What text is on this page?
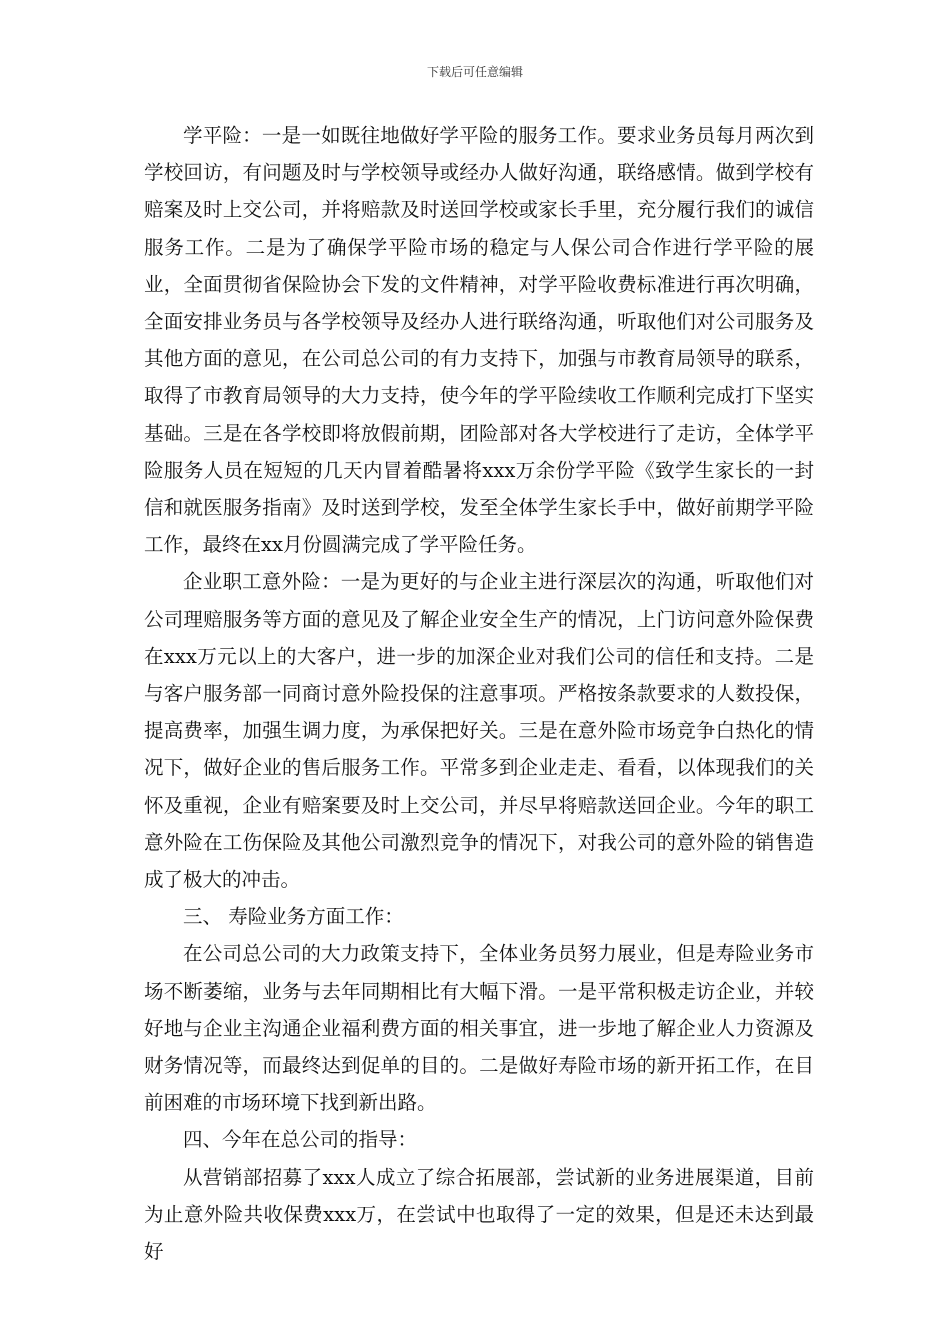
下载后可任意编辑

学平险：一是一如既往地做好学平险的服务工作。要求业务员每月两次到学校回访，有问题及时与学校领导或经办人做好沟通，联络感情。做到学校有赔案及时上交公司，并将赔款及时送回学校或家长手里，充分履行我们的诚信服务工作。二是为了确保学平险市场的稳定与人保公司合作进行学平险的展业，全面贯彻省保险协会下发的文件精神，对学平险收费标准进行再次明确，全面安排业务员与各学校领导及经办人进行联络沟通，听取他们对公司服务及其他方面的意见，在公司总公司的有力支持下，加强与市教育局领导的联系，取得了市教育局领导的大力支持，使今年的学平险续收工作顺利完成打下坚实基础。三是在各学校即将放假前期，团险部对各大学校进行了走访，全体学平险服务人员在短短的几天内冒着酷暑将xxx万余份学平险《致学生家长的一封信和就医服务指南》及时送到学校，发至全体学生家长手中，做好前期学平险工作，最终在xx月份圆满完成了学平险任务。

企业职工意外险：一是为更好的与企业主进行深层次的沟通，听取他们对公司理赔服务等方面的意见及了解企业安全生产的情况，上门访问意外险保费在xxx万元以上的大客户，进一步的加深企业对我们公司的信任和支持。二是与客户服务部一同商讨意外险投保的注意事项。严格按条款要求的人数投保，提高费率，加强生调力度，为承保把好关。三是在意外险市场竞争白热化的情况下，做好企业的售后服务工作。平常多到企业走走、看看，以体现我们的关怀及重视，企业有赔案要及时上交公司，并尽早将赔款送回企业。今年的职工意外险在工伤保险及其他公司激烈竞争的情况下，对我公司的意外险的销售造成了极大的冲击。

三、 寿险业务方面工作：

在公司总公司的大力政策支持下，全体业务员努力展业，但是寿险业务市场不断萎缩，业务与去年同期相比有大幅下滑。一是平常积极走访企业，并较好地与企业主沟通企业福利费方面的相关事宜，进一步地了解企业人力资源及财务情况等，而最终达到促单的目的。二是做好寿险市场的新开拓工作，在目前困难的市场环境下找到新出路。

四、今年在总公司的指导：

从营销部招募了xxx人成立了综合拓展部，尝试新的业务进展渠道，目前为止意外险共收保费xxx万，在尝试中也取得了一定的效果，但是还未达到最好
